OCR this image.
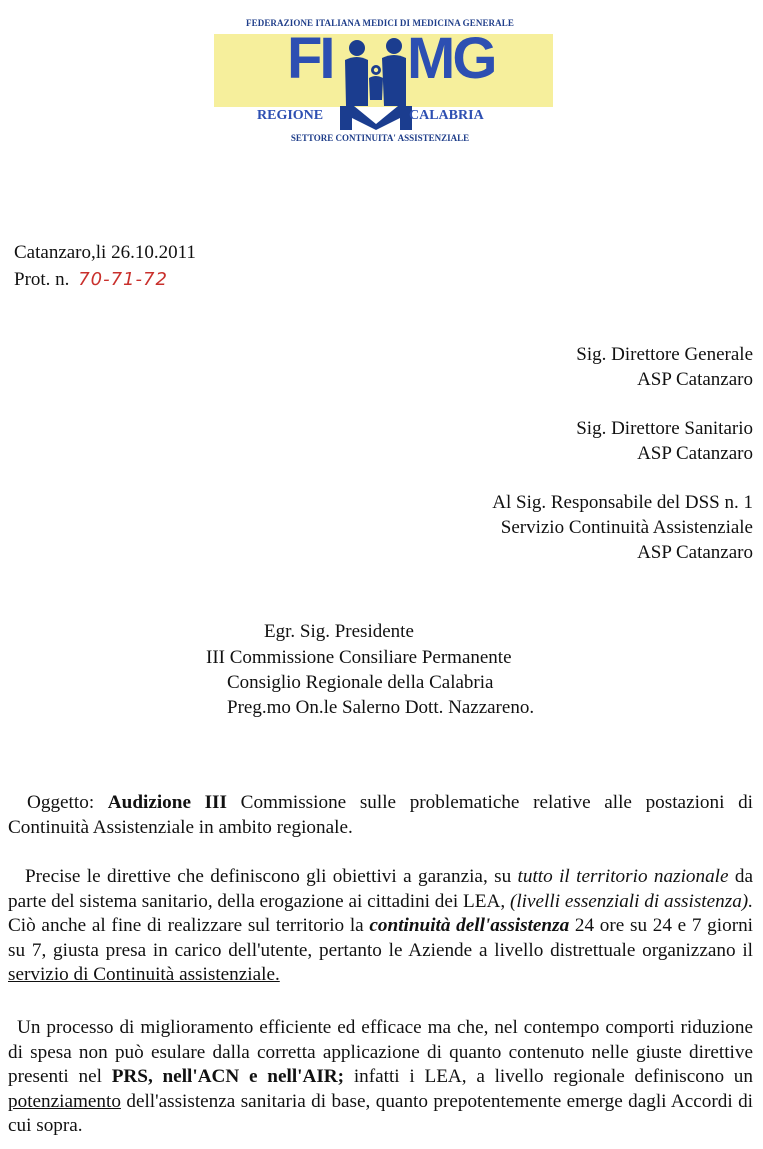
FEDERAZIONE ITALIANA MEDICI DI MEDICINA GENERALE
FI MG
REGIONE	CALABRIA
SETTORE CONTINUITA' ASSISTENZIALE
Catanzaro,li 26.10.2011
Prot. n. 70-71-72
Sig. Direttore Generale
ASP Catanzaro
Sig. Direttore Sanitario
ASP Catanzaro
Al Sig. Responsabile del DSS n. 1
Servizio Continuità Assistenziale
ASP Catanzaro
Egr. Sig. Presidente
III Commissione Consiliare Permanente
Consiglio Regionale della Calabria
Preg.mo On.le Salerno Dott. Nazzareno.
Oggetto: Audizione III Commissione sulle problematiche relative alle postazioni di Continuità Assistenziale in ambito regionale.
Precise le direttive che definiscono gli obiettivi a garanzia, su tutto il territorio nazionale da parte del sistema sanitario, della erogazione ai cittadini dei LEA, (livelli essenziali di assistenza). Ciò anche al fine di realizzare sul territorio la continuità dell'assistenza 24 ore su 24 e 7 giorni su 7, giusta presa in carico dell'utente, pertanto le Aziende a livello distrettuale organizzano il servizio di Continuità assistenziale.
Un processo di miglioramento efficiente ed efficace ma che, nel contempo comporti riduzione di spesa non può esulare dalla corretta applicazione di quanto contenuto nelle giuste direttive presenti nel PRS, nell'ACN e nell'AIR; infatti i LEA, a livello regionale definiscono un potenziamento dell'assistenza sanitaria di base, quanto prepotentemente emerge dagli Accordi di cui sopra.
